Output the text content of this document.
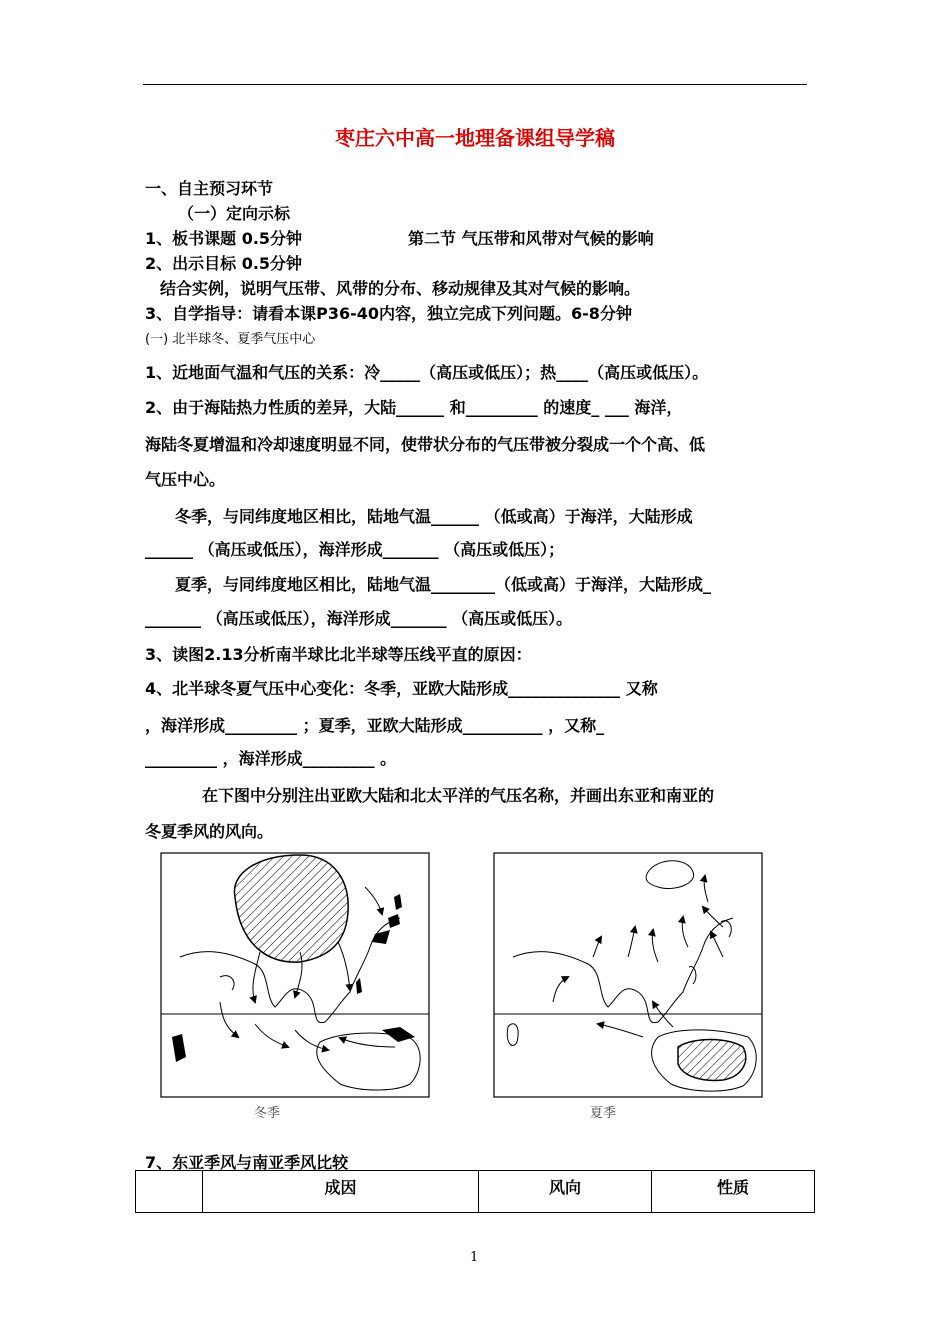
枣庄六中高一地理备课组导学稿
一、自主预习环节
（一）定向示标
1、板书课题 0.5分钟	第二节 气压带和风带对气候的影响
2、出示目标 0.5分钟
结合实例，说明气压带、风带的分布、移动规律及其对气候的影响。
3、自学指导：请看本课P36-40内容，独立完成下列问题。6-8分钟
(一) 北半球冬、夏季气压中心
1、近地面气温和气压的关系：冷_____（高压或低压）；热____（高压或低压）。
2、由于海陆热力性质的差异，大陆______ 和_________ 的速度_ ___ 海洋，
海陆冬夏增温和冷却速度明显不同，使带状分布的气压带被分裂成一个个高、低
气压中心。
冬季，与同纬度地区相比，陆地气温______ （低或高）于海洋，大陆形成
______ （高压或低压），海洋形成_______ （高压或低压）；
夏季，与同纬度地区相比，陆地气温________（低或高）于海洋，大陆形成_
_______ （高压或低压），海洋形成_______ （高压或低压）。
3、读图2.13分析南半球比北半球等压线平直的原因：
4、北半球冬夏气压中心变化：冬季，亚欧大陆形成______________ 又称
，海洋形成_________ ；夏季，亚欧大陆形成__________ ，又称_
_________ ，海洋形成_________ 。
在下图中分别注出亚欧大陆和北太平洋的气压名称，并画出东亚和南亚的
冬夏季风的风向。
冬季	夏季
7、东亚季风与南亚季风比较
	成因	风向	性质
1
